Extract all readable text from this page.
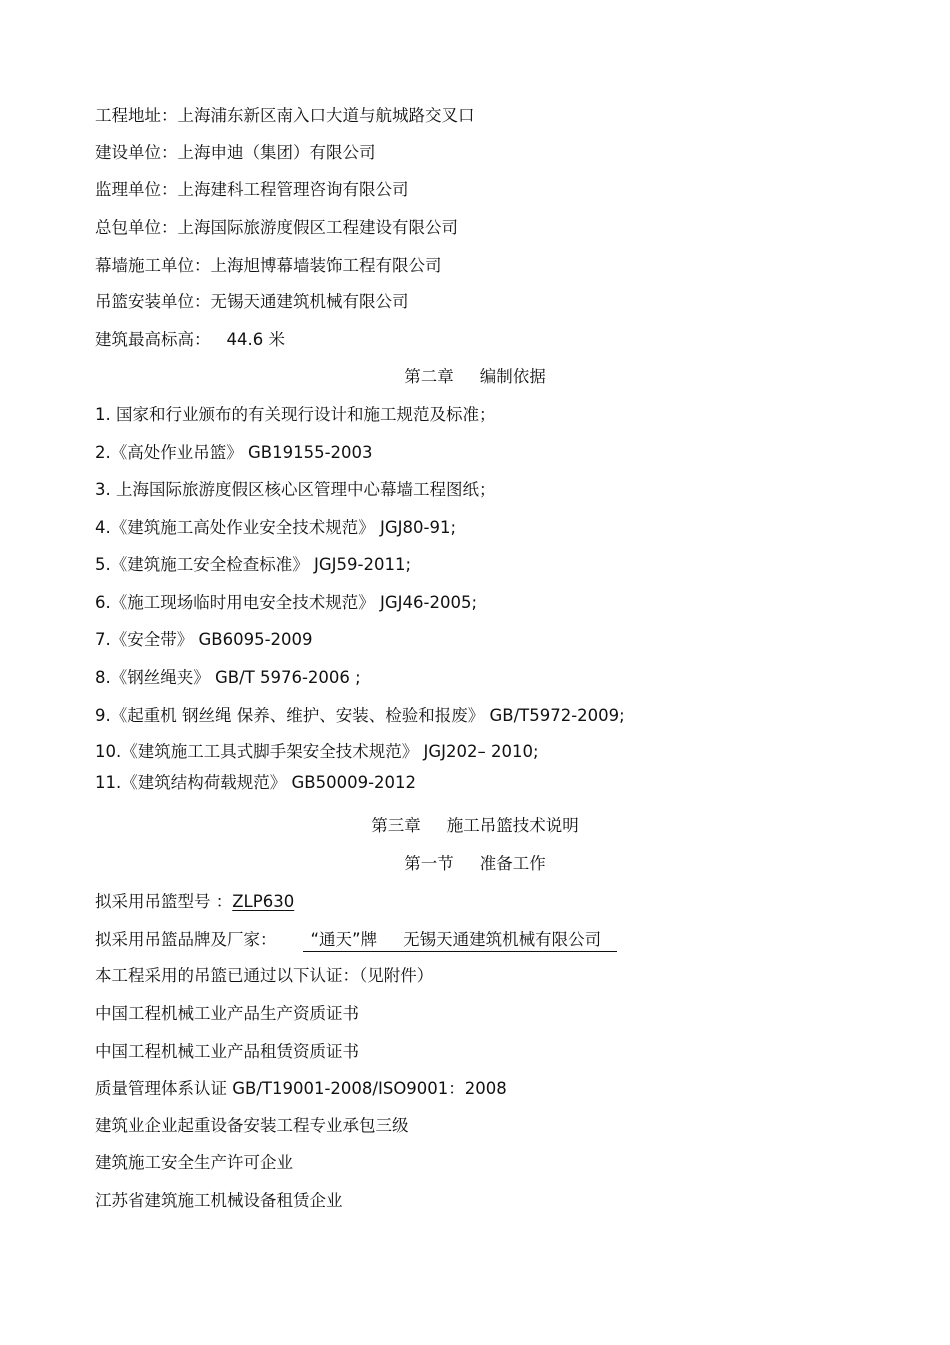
工程地址：上海浦东新区南入口大道与航城路交叉口
建设单位：上海申迪（集团）有限公司
监理单位：上海建科工程管理咨询有限公司
总包单位：上海国际旅游度假区工程建设有限公司
幕墙施工单位：上海旭博幕墙装饰工程有限公司
吊篮安装单位：无锡天通建筑机械有限公司
建筑最高标高： 44.6 米
第二章 编制依据
1. 国家和行业颁布的有关现行设计和施工规范及标准；
2.《高处作业吊篮》 GB19155-2003
3. 上海国际旅游度假区核心区管理中心幕墙工程图纸；
4.《建筑施工高处作业安全技术规范》 JGJ80-91;
5.《建筑施工安全检查标准》 JGJ59-2011;
6.《施工现场临时用电安全技术规范》 JGJ46-2005;
7.《安全带》 GB6095-2009
8.《钢丝绳夹》 GB/T 5976-2006 ;
9.《起重机 钢丝绳 保养、维护、安装、检验和报废》 GB/T5972-2009;
10.《建筑施工工具式脚手架安全技术规范》 JGJ202– 2010;
11.《建筑结构荷载规范》 GB50009-2012
第三章 施工吊篮技术说明
第一节 准备工作
拟采用吊篮型号 ：ZLP630
拟采用吊篮品牌及厂家： “通天”牌 无锡天通建筑机械有限公司
本工程采用的吊篮已通过以下认证：（见附件）
中国工程机械工业产品生产资质证书
中国工程机械工业产品租赁资质证书
质量管理体系认证 GB∕T19001-2008/ISO9001：2008
建筑业企业起重设备安装工程专业承包三级
建筑施工安全生产许可企业
江苏省建筑施工机械设备租赁企业
